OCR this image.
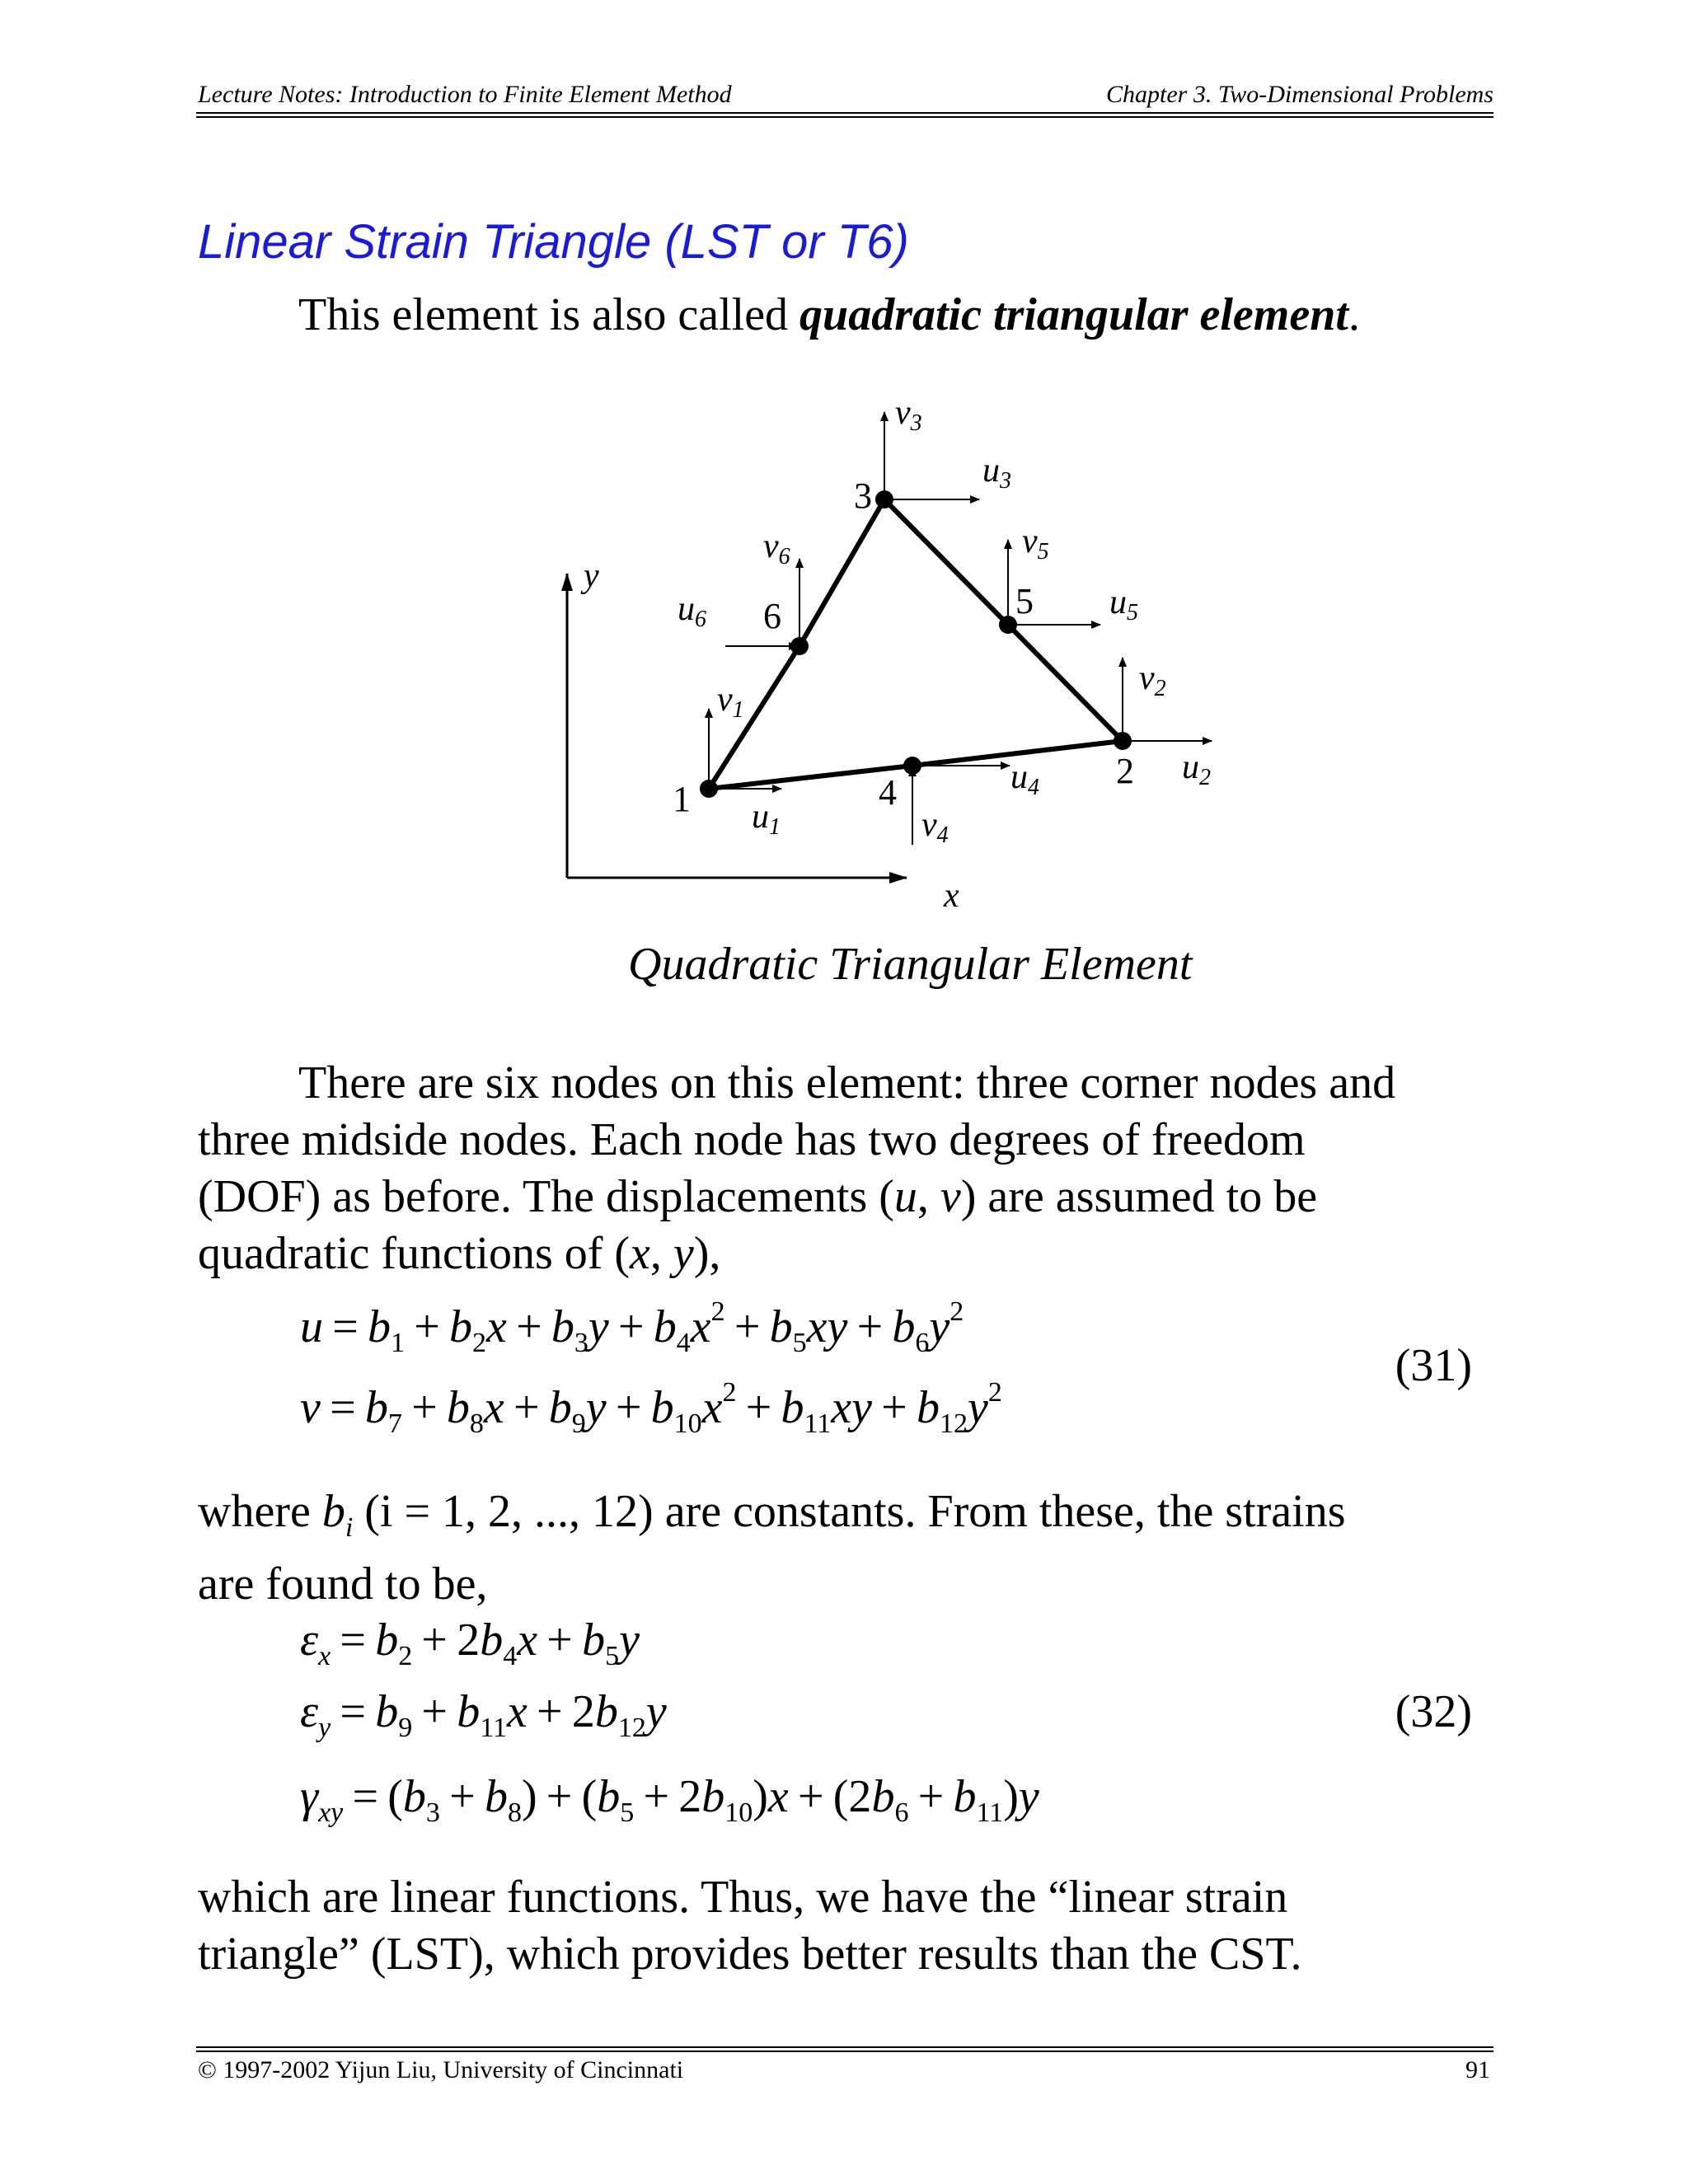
Lecture Notes: Introduction to Finite Element Method	Chapter 3. Two-Dimensional Problems
Linear Strain Triangle (LST or T6)
This element is also called quadratic triangular element.
y
x
1
2
3
4
5
6
u1
v1
u2
v2
u3
v3
u4
v4
u5
v5
u6
v6
Quadratic Triangular Element
There are six nodes on this element: three corner nodes and
three midside nodes. Each node has two degrees of freedom
(DOF) as before. The displacements (u, v) are assumed to be
quadratic functions of (x, y),
$u = b_1 + b_2x + b_3y + b_4x^2 + b_5xy + b_6y^2$
$v = b_7 + b_8x + b_9y + b_{10}x^2 + b_{11}xy + b_{12}y^2$
(31)
where $b_i$ (i = 1, 2, ..., 12) are constants. From these, the strains
are found to be,
$\varepsilon_x = b_2 + 2b_4x + b_5y$
$\varepsilon_y = b_9 + b_{11}x + 2b_{12}y$
$\gamma_{xy} = (b_3 + b_8) + (b_5 + 2b_{10})x + (2b_6 + b_{11})y$
(32)
which are linear functions. Thus, we have the “linear strain
triangle” (LST), which provides better results than the CST.
© 1997-2002 Yijun Liu, University of Cincinnati	91
